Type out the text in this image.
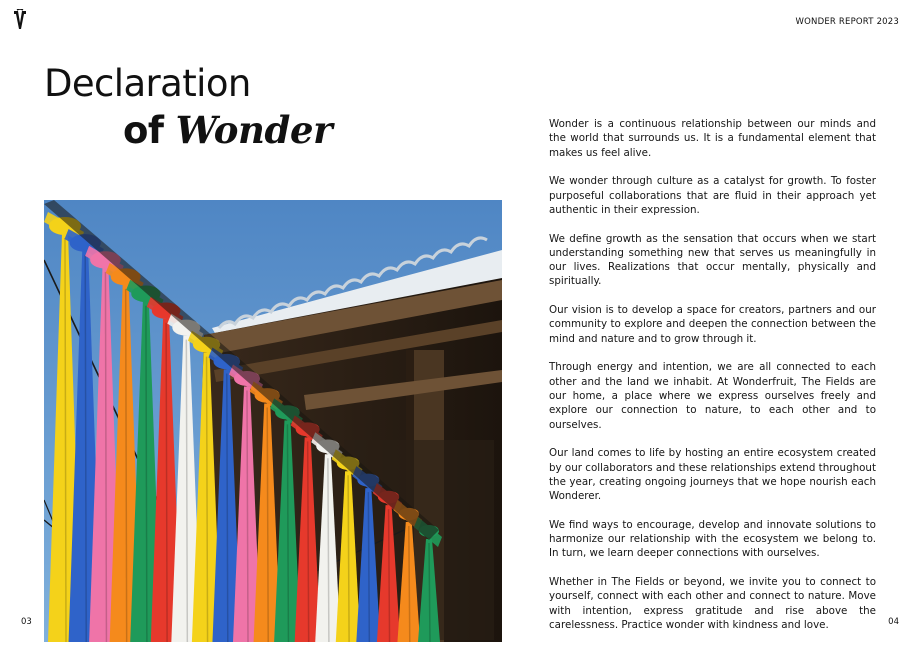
WONDER REPORT 2023
Declaration
of Wonder	Wonder is a continuous relationship between our minds and the world that surrounds us. It is a fundamental element that makes us feel alive.

We wonder through culture as a catalyst for growth. To foster purposeful collaborations that are fluid in their approach yet authentic in their expression.

We define growth as the sensation that occurs when we start understanding something new that serves us meaningfully in our lives. Realizations that occur mentally, physically and spiritually.

Our vision is to develop a space for creators, partners and our community to explore and deepen the connection between the mind and nature and to grow through it.

Through energy and intention, we are all connected to each other and the land we inhabit. At Wonderfruit, The Fields are our home, a place where we express ourselves freely and explore our connection to nature, to each other and to ourselves.

Our land comes to life by hosting an entire ecosystem created by our collaborators and these relationships extend throughout the year, creating ongoing journeys that we hope nourish each Wonderer.

We find ways to encourage, develop and innovate solutions to harmonize our relationship with the ecosystem we belong to. In turn, we learn deeper connections with ourselves.

Whether in The Fields or beyond, we invite you to connect to yourself, connect with each other and connect to nature. Move with intention, express gratitude and rise above the carelessness. Practice wonder with kindness and love.

03	04
